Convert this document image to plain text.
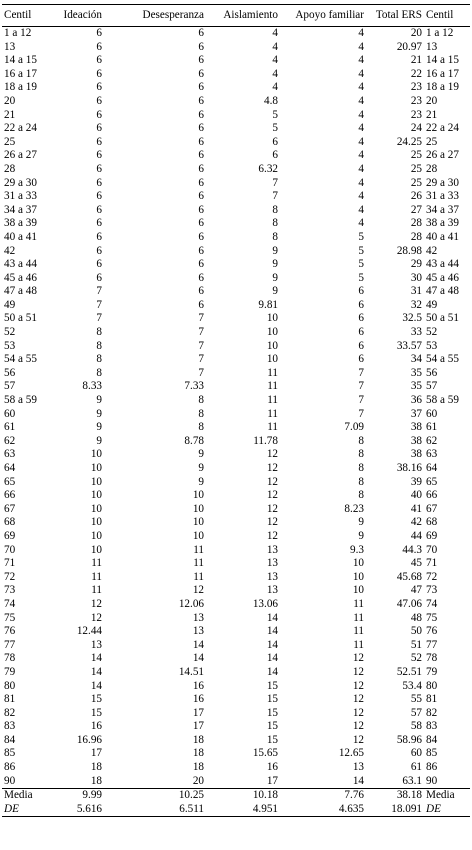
Centil	Ideación	Desesperanza	Aislamiento	Apoyo familiar	Total ERS	Centil
1 a 12	6	6	4	4	20	1 a 12
13	6	6	4	4	20.97	13
14 a 15	6	6	4	4	21	14 a 15
16 a 17	6	6	4	4	22	16 a 17
18 a 19	6	6	4	4	23	18 a 19
20	6	6	4.8	4	23	20
21	6	6	5	4	23	21
22 a 24	6	6	5	4	24	22 a 24
25	6	6	6	4	24.25	25
26 a 27	6	6	6	4	25	26 a 27
28	6	6	6.32	4	25	28
29 a 30	6	6	7	4	25	29 a 30
31 a 33	6	6	7	4	26	31 a 33
34 a 37	6	6	8	4	27	34 a 37
38 a 39	6	6	8	4	28	38 a 39
40 a 41	6	6	8	5	28	40 a 41
42	6	6	9	5	28.98	42
43 a 44	6	6	9	5	29	43 a 44
45 a 46	6	6	9	5	30	45 a 46
47 a 48	7	6	9	6	31	47 a 48
49	7	6	9.81	6	32	49
50 a 51	7	7	10	6	32.5	50 a 51
52	8	7	10	6	33	52
53	8	7	10	6	33.57	53
54 a 55	8	7	10	6	34	54 a 55
56	8	7	11	7	35	56
57	8.33	7.33	11	7	35	57
58 a 59	9	8	11	7	36	58 a 59
60	9	8	11	7	37	60
61	9	8	11	7.09	38	61
62	9	8.78	11.78	8	38	62
63	10	9	12	8	38	63
64	10	9	12	8	38.16	64
65	10	9	12	8	39	65
66	10	10	12	8	40	66
67	10	10	12	8.23	41	67
68	10	10	12	9	42	68
69	10	10	12	9	44	69
70	10	11	13	9.3	44.3	70
71	11	11	13	10	45	71
72	11	11	13	10	45.68	72
73	11	12	13	10	47	73
74	12	12.06	13.06	11	47.06	74
75	12	13	14	11	48	75
76	12.44	13	14	11	50	76
77	13	14	14	11	51	77
78	14	14	14	12	52	78
79	14	14.51	14	12	52.51	79
80	14	16	15	12	53.4	80
81	15	16	15	12	55	81
82	15	17	15	12	57	82
83	16	17	15	12	58	83
84	16.96	18	15	12	58.96	84
85	17	18	15.65	12.65	60	85
86	18	18	16	13	61	86
90	18	20	17	14	63.1	90
Media	9.99	10.25	10.18	7.76	38.18	Media
DE	5.616	6.511	4.951	4.635	18.091	DE
